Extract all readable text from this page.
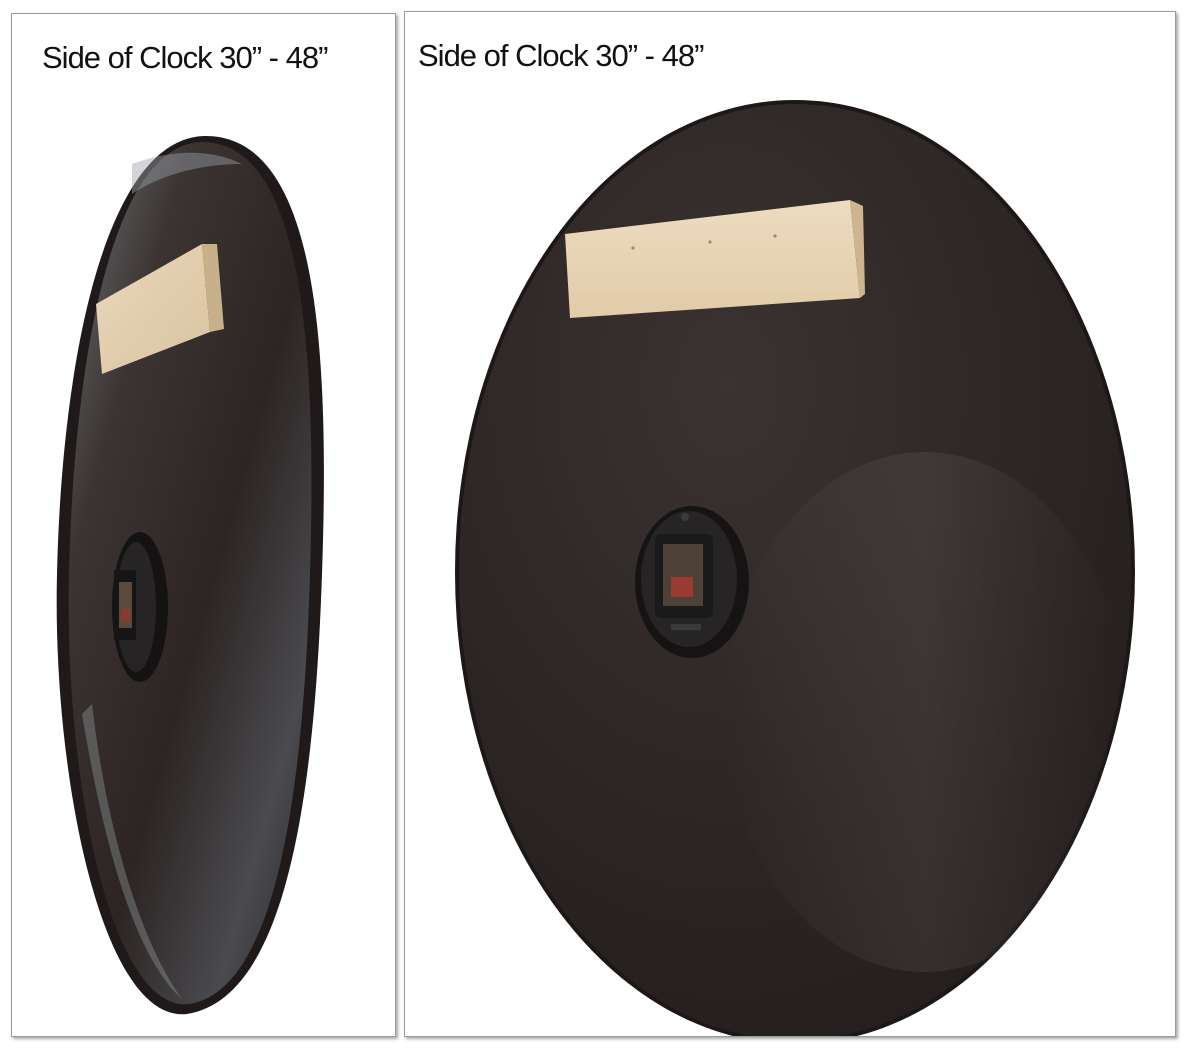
Side of Clock 30” - 48”	Side of Clock 30” - 48”
